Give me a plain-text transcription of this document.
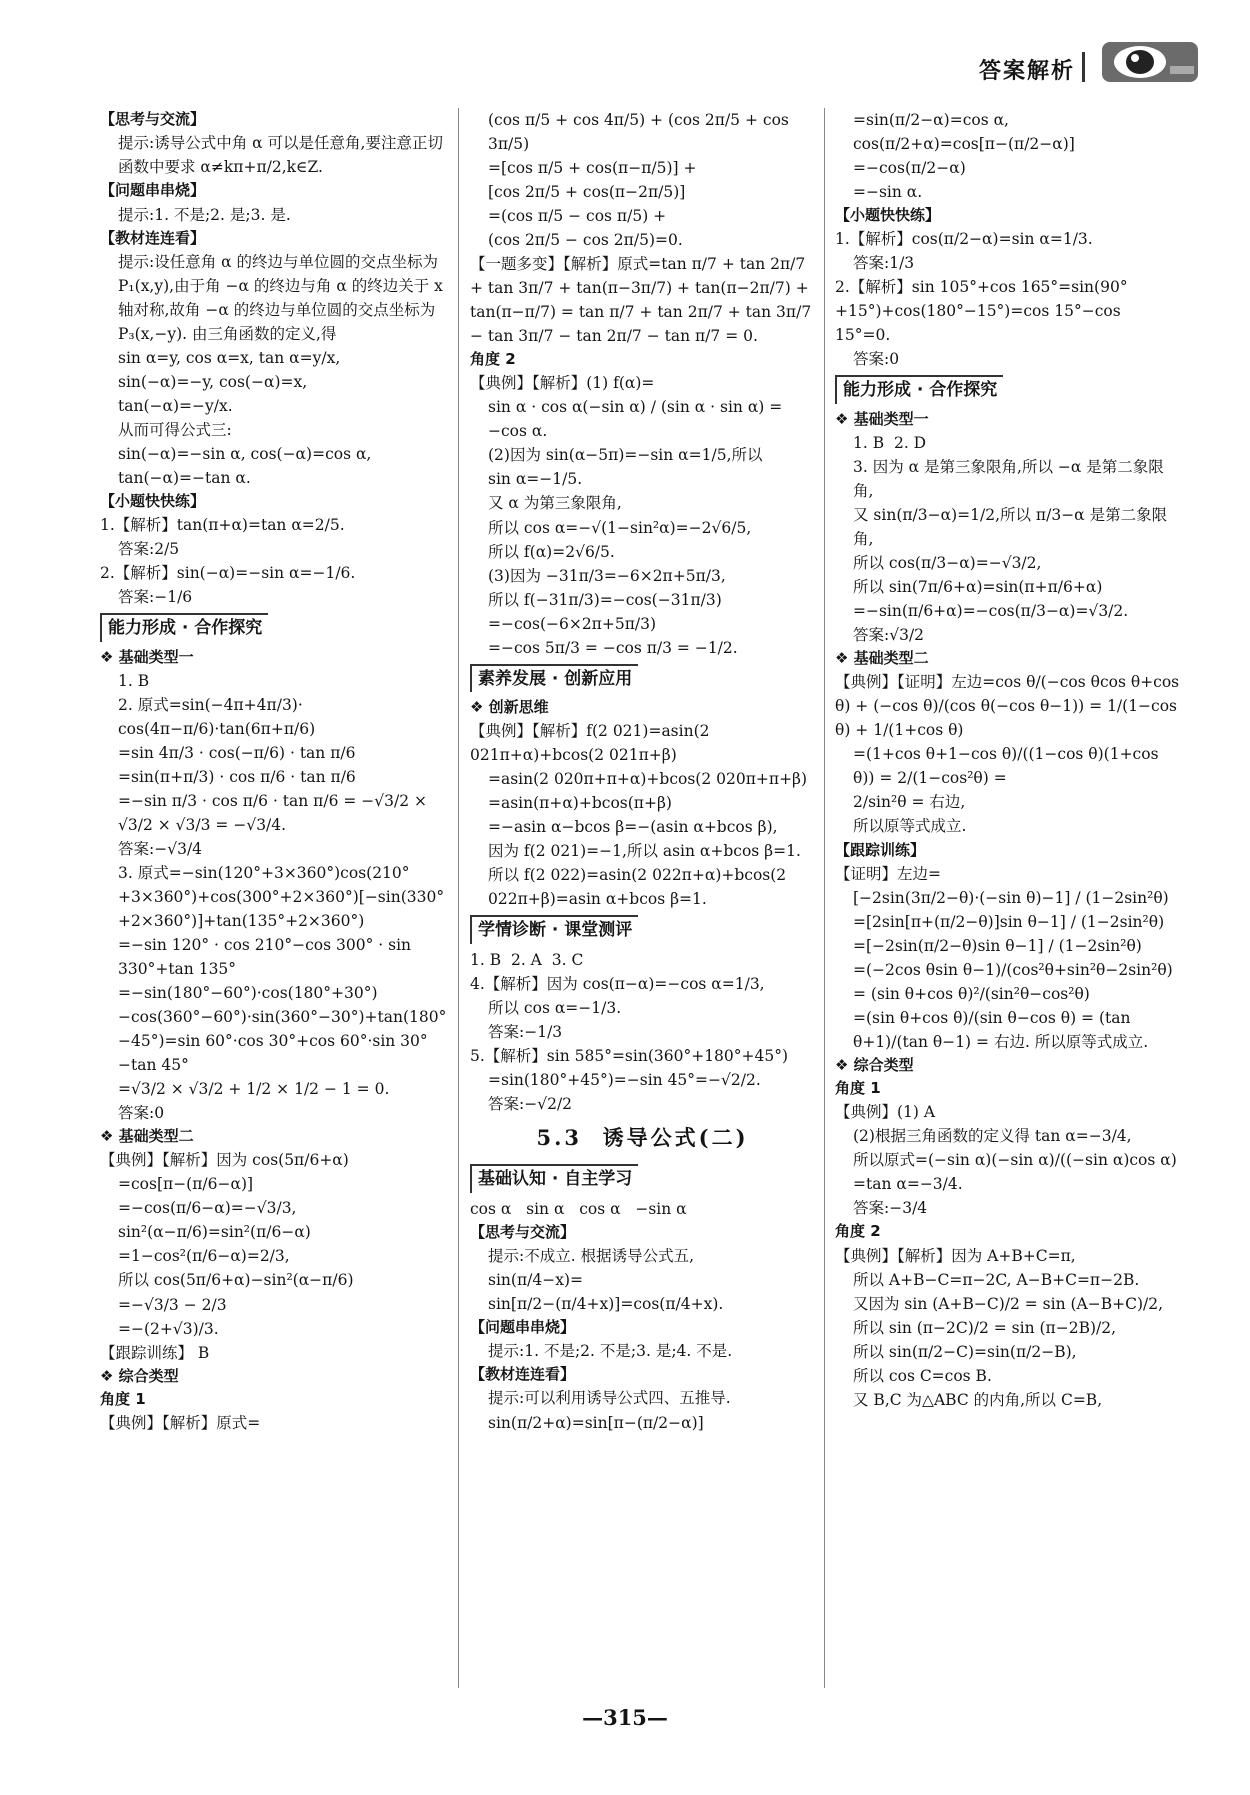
答案解析
【思考与交流】
提示:诱导公式中角 α 可以是任意角,要注意正切函数中要求 α≠kπ+π/2,k∈Z.
【问题串串烧】
提示:1. 不是;2. 是;3. 是.
【教材连连看】
提示:设任意角 α 的终边与单位圆的交点坐标为 P₁(x,y),由于角 −α 的终边与角 α 的终边关于 x 轴对称,故角 −α 的终边与单位圆的交点坐标为 P₃(x,−y). 由三角函数的定义,得
sin α=y, cos α=x, tan α=y/x,
sin(−α)=−y, cos(−α)=x,
tan(−α)=−y/x.
从而可得公式三:
sin(−α)=−sin α, cos(−α)=cos α,
tan(−α)=−tan α.
【小题快快练】
1.【解析】tan(π+α)=tan α=2/5.
答案:2/5
2.【解析】sin(−α)=−sin α=−1/6.
答案:−1/6
能力形成 · 合作探究
❖ 基础类型一
1. B
2. 原式=sin(−4π+4π/3)·
cos(4π−π/6)·tan(6π+π/6)
=sin 4π/3 · cos(−π/6) · tan π/6
=sin(π+π/3) · cos π/6 · tan π/6
=−sin π/3 · cos π/6 · tan π/6 = −√3/2 × √3/2 × √3/3 = −√3/4.
答案:−√3/4
3. 原式=−sin(120°+3×360°)cos(210°+3×360°)+cos(300°+2×360°)[−sin(330°+2×360°)]+tan(135°+2×360°)
=−sin 120° · cos 210°−cos 300° · sin 330°+tan 135°
=−sin(180°−60°)·cos(180°+30°)−cos(360°−60°)·sin(360°−30°)+tan(180°−45°)=sin 60°·cos 30°+cos 60°·sin 30°−tan 45°
=√3/2 × √3/2 + 1/2 × 1/2 − 1 = 0.
答案:0
❖ 基础类型二
【典例】【解析】因为 cos(5π/6+α)
=cos[π−(π/6−α)]
=−cos(π/6−α)=−√3/3,
sin²(α−π/6)=sin²(π/6−α)
=1−cos²(π/6−α)=2/3,
所以 cos(5π/6+α)−sin²(α−π/6)
=−√3/3 − 2/3
=−(2+√3)/3.
【跟踪训练】 B
❖ 综合类型
角度 1
【典例】【解析】原式=
(cos π/5 + cos 4π/5) + (cos 2π/5 + cos 3π/5)
=[cos π/5 + cos(π−π/5)] +
[cos 2π/5 + cos(π−2π/5)]
=(cos π/5 − cos π/5) +
(cos 2π/5 − cos 2π/5)=0.
【一题多变】【解析】原式=tan π/7 + tan 2π/7 + tan 3π/7 + tan(π−3π/7) + tan(π−2π/7) + tan(π−π/7) = tan π/7 + tan 2π/7 + tan 3π/7 − tan 3π/7 − tan 2π/7 − tan π/7 = 0.
角度 2
【典例】【解析】(1) f(α)=
sin α · cos α(−sin α) / (sin α · sin α) = −cos α.
(2)因为 sin(α−5π)=−sin α=1/5,所以
sin α=−1/5.
又 α 为第三象限角,
所以 cos α=−√(1−sin²α)=−2√6/5,
所以 f(α)=2√6/5.
(3)因为 −31π/3=−6×2π+5π/3,
所以 f(−31π/3)=−cos(−31π/3)
=−cos(−6×2π+5π/3)
=−cos 5π/3 = −cos π/3 = −1/2.
素养发展 · 创新应用
❖ 创新思维
【典例】【解析】f(2 021)=asin(2 021π+α)+bcos(2 021π+β)
=asin(2 020π+π+α)+bcos(2 020π+π+β)
=asin(π+α)+bcos(π+β)
=−asin α−bcos β=−(asin α+bcos β),
因为 f(2 021)=−1,所以 asin α+bcos β=1.
所以 f(2 022)=asin(2 022π+α)+bcos(2 022π+β)=asin α+bcos β=1.
学情诊断 · 课堂测评
1. B  2. A  3. C
4.【解析】因为 cos(π−α)=−cos α=1/3,
所以 cos α=−1/3.
答案:−1/3
5.【解析】sin 585°=sin(360°+180°+45°)
=sin(180°+45°)=−sin 45°=−√2/2.
答案:−√2/2
5.3  诱导公式(二)
基础认知 · 自主学习
cos α   sin α   cos α   −sin α
【思考与交流】
提示:不成立. 根据诱导公式五,
sin(π/4−x)=
sin[π/2−(π/4+x)]=cos(π/4+x).
【问题串串烧】
提示:1. 不是;2. 不是;3. 是;4. 不是.
【教材连连看】
提示:可以利用诱导公式四、五推导.
sin(π/2+α)=sin[π−(π/2−α)]
=sin(π/2−α)=cos α,
cos(π/2+α)=cos[π−(π/2−α)]
=−cos(π/2−α)
=−sin α.
【小题快快练】
1.【解析】cos(π/2−α)=sin α=1/3.
答案:1/3
2.【解析】sin 105°+cos 165°=sin(90°+15°)+cos(180°−15°)=cos 15°−cos 15°=0.
答案:0
能力形成 · 合作探究
❖ 基础类型一
1. B  2. D
3. 因为 α 是第三象限角,所以 −α 是第二象限角,
又 sin(π/3−α)=1/2,所以 π/3−α 是第二象限角,
所以 cos(π/3−α)=−√3/2,
所以 sin(7π/6+α)=sin(π+π/6+α)
=−sin(π/6+α)=−cos(π/3−α)=√3/2.
答案:√3/2
❖ 基础类型二
【典例】【证明】左边=cos θ/(−cos θcos θ+cos θ) + (−cos θ)/(cos θ(−cos θ−1)) = 1/(1−cos θ) + 1/(1+cos θ)
=(1+cos θ+1−cos θ)/((1−cos θ)(1+cos θ)) = 2/(1−cos²θ) =
2/sin²θ = 右边,
所以原等式成立.
【跟踪训练】
【证明】左边=
[−2sin(3π/2−θ)·(−sin θ)−1] / (1−2sin²θ)
=[2sin[π+(π/2−θ)]sin θ−1] / (1−2sin²θ)
=[−2sin(π/2−θ)sin θ−1] / (1−2sin²θ)
=(−2cos θsin θ−1)/(cos²θ+sin²θ−2sin²θ) = (sin θ+cos θ)²/(sin²θ−cos²θ)
=(sin θ+cos θ)/(sin θ−cos θ) = (tan θ+1)/(tan θ−1) = 右边. 所以原等式成立.
❖ 综合类型
角度 1
【典例】(1) A
(2)根据三角函数的定义得 tan α=−3/4,
所以原式=(−sin α)(−sin α)/((−sin α)cos α)
=tan α=−3/4.
答案:−3/4
角度 2
【典例】【解析】因为 A+B+C=π,
所以 A+B−C=π−2C, A−B+C=π−2B.
又因为 sin (A+B−C)/2 = sin (A−B+C)/2,
所以 sin (π−2C)/2 = sin (π−2B)/2,
所以 sin(π/2−C)=sin(π/2−B),
所以 cos C=cos B.
又 B,C 为△ABC 的内角,所以 C=B,
—315—
